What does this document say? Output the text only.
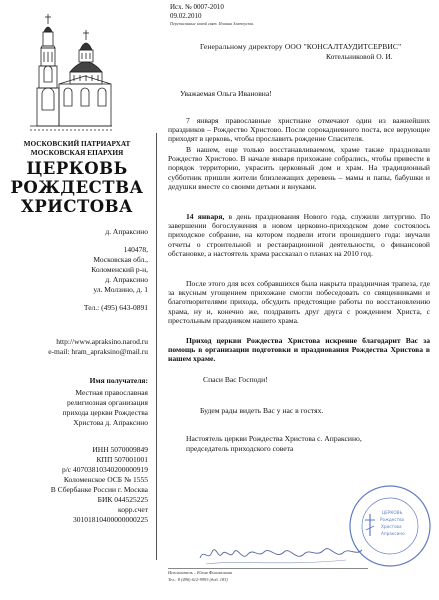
Исх. № 0007-2010
09.02.2010
Переписанные новой свят. Иоанна Златоуста.
МОСКОВСКИЙ ПАТРИАРХАТ
МОСКОВСКАЯ ЕПАРХИЯ
ЦЕРКОВЬ
РОЖДЕСТВА
ХРИСТОВА
д. Апраксино
140478,
Московская обл.,
Коломенский р-н,
д. Апраксино
ул. Молзино, д. 1
Тел.: (495) 643-0891
http://www.apraksino.narod.ru
e-mail: hram_apraksino@mail.ru
Имя получателя:
Местная православная
религиозная организация
прихода церкви Рождества
Христова д. Апраксино
ИНН 5070009849
КПП 507001001
р/с 40703810340200000919
Коломенское ОСБ № 1555
В Сбербанке России г. Москва
БИК 044525225
корр.счет
30101810400000000225
Генеральному директору ООО "КОНСАЛТАУДИТСЕРВИС"
Котельниковой О. И.
Уважаемая Ольга Ивановна!
7 января православные христиане отмечают один из важнейших праздников – Рождество Христово. После сорокадневного поста, все верующие приходят в церковь, чтобы прославить рождение Спасителя.
В нашем, еще только восстанавливаемом, храме также праздновали Рождество Христово. В начале января прихожане собрались, чтобы привести в порядок территорию, украсить церковный дом и храм. На традиционный субботник пришли жители близлежащих деревень – мамы и папы, бабушки и дедушки вместе со своими детьми и внуками.
14 января, в день празднования Нового года, служили литургию. По завершении богослужения в новом церковно-приходском доме состоялось приходское собрание, на котором подвели итоги прошедшего года: звучали отчеты о строительной и реставрационной деятельности, о финансовой обстановке, а настоятель храма рассказал о планах на 2010 год.
После этого для всех собравшихся была накрыта праздничная трапеза, где за вкусным угощением прихожане смогли побеседовать со священниками и благотворителями прихода, обсудить предстоящие работы по восстановлению храма, ну и, конечно же, поздравить друг друга с рождением Христа, с престольным праздником нашего храма.
Приход церкви Рождества Христова искренне благодарит Вас за помощь в организации подготовки и празднования Рождества Христова в нашем храме.
Спаси Вас Господи!
Будем рады видеть Вас у нас в гостях.
Настоятель церкви Рождества Христова с. Апраксино,
председатель приходского совета
ЦЕРКОВЬ
Рождества
Христова
Апраксино
Исполнитель – Юлия Филимонова
Тел.: 8 (496) 612-9993 (доб. 183)
